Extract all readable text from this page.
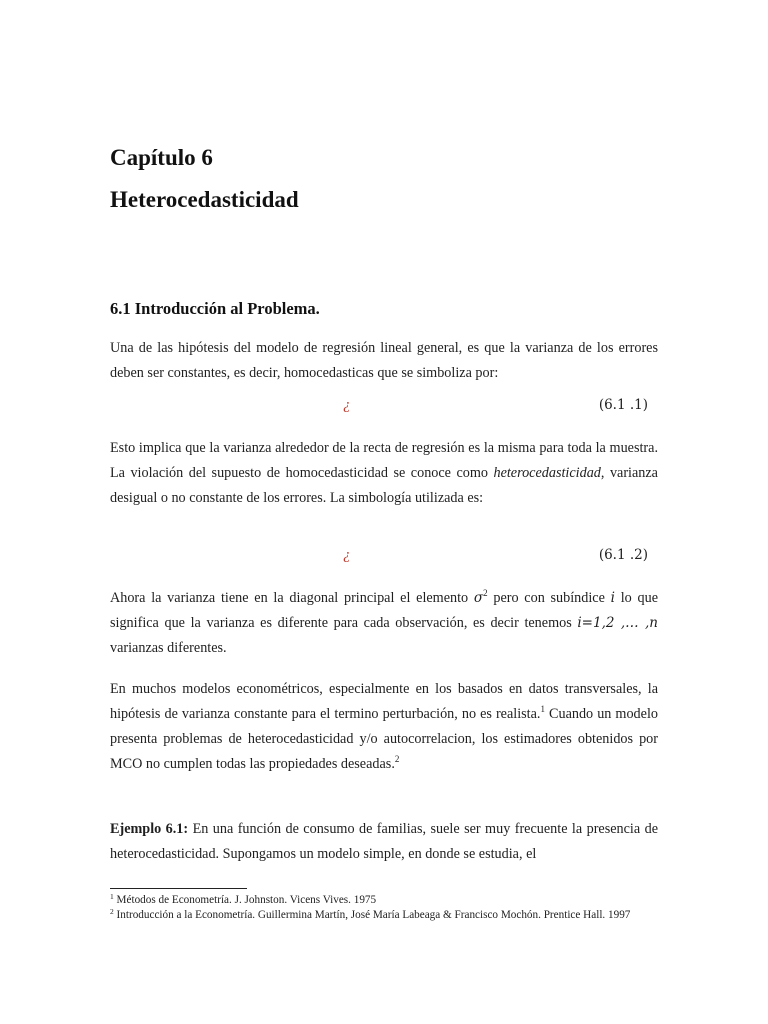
Capítulo 6
Heterocedasticidad
6.1 Introducción al Problema.
Una de las hipótesis del modelo de regresión lineal general, es que la varianza de los errores deben ser constantes, es decir, homocedasticas que se simboliza por:
¿	(6.1 .1)
Esto implica que la varianza alrededor de la recta de regresión es la misma para toda la muestra. La violación del supuesto de homocedasticidad se conoce como heterocedasticidad, varianza desigual o no constante de los errores. La simbología utilizada es:
¿	(6.1 .2)
Ahora la varianza tiene en la diagonal principal el elemento σ$^2$ pero con subíndice i lo que significa que la varianza es diferente para cada observación, es decir tenemos i=1,2 ,… ,n varianzas diferentes.
En muchos modelos econométricos, especialmente en los basados en datos transversales, la hipótesis de varianza constante para el termino perturbación, no es realista.$^1$ Cuando un modelo presenta problemas de heterocedasticidad y/o autocorrelacion, los estimadores obtenidos por MCO no cumplen todas las propiedades deseadas.$^2$
Ejemplo 6.1: En una función de consumo de familias, suele ser muy frecuente la presencia de heterocedasticidad. Supongamos un modelo simple, en donde se estudia, el
$^1$ Métodos de Econometría. J. Johnston. Vicens Vives. 1975
$^2$ Introducción a la Econometría. Guillermina Martín, José María Labeaga & Francisco Mochón. Prentice Hall. 1997
